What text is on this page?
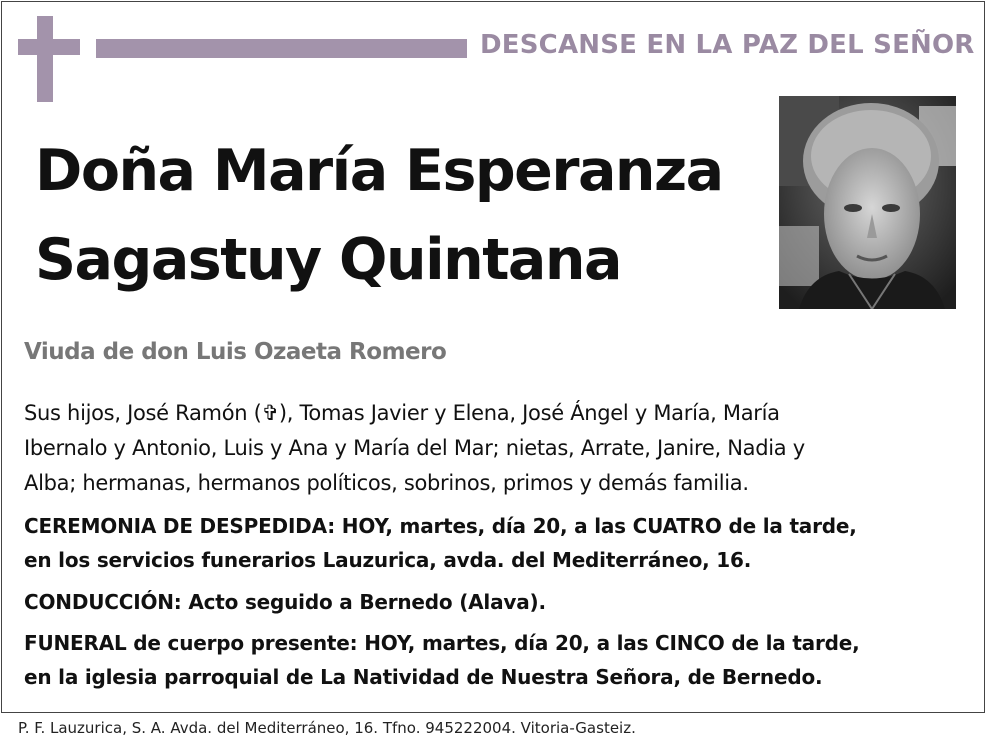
DESCANSE EN LA PAZ DEL SEÑOR
Doña María Esperanza
Sagastuy Quintana
Viuda de don Luis Ozaeta Romero
Sus hijos, José Ramón (✞), Tomas Javier y Elena, José Ángel y María, María
Ibernalo y Antonio, Luis y Ana y María del Mar; nietas, Arrate, Janire, Nadia y
Alba; hermanas, hermanos políticos, sobrinos, primos y demás familia.
CEREMONIA DE DESPEDIDA: HOY, martes, día 20, a las CUATRO de la tarde,
en los servicios funerarios Lauzurica, avda. del Mediterráneo, 16.
CONDUCCIÓN: Acto seguido a Bernedo (Alava).
FUNERAL de cuerpo presente: HOY, martes, día 20, a las CINCO de la tarde,
en la iglesia parroquial de La Natividad de Nuestra Señora, de Bernedo.
P. F. Lauzurica, S. A. Avda. del Mediterráneo, 16. Tfno. 945222004. Vitoria-Gasteiz.
